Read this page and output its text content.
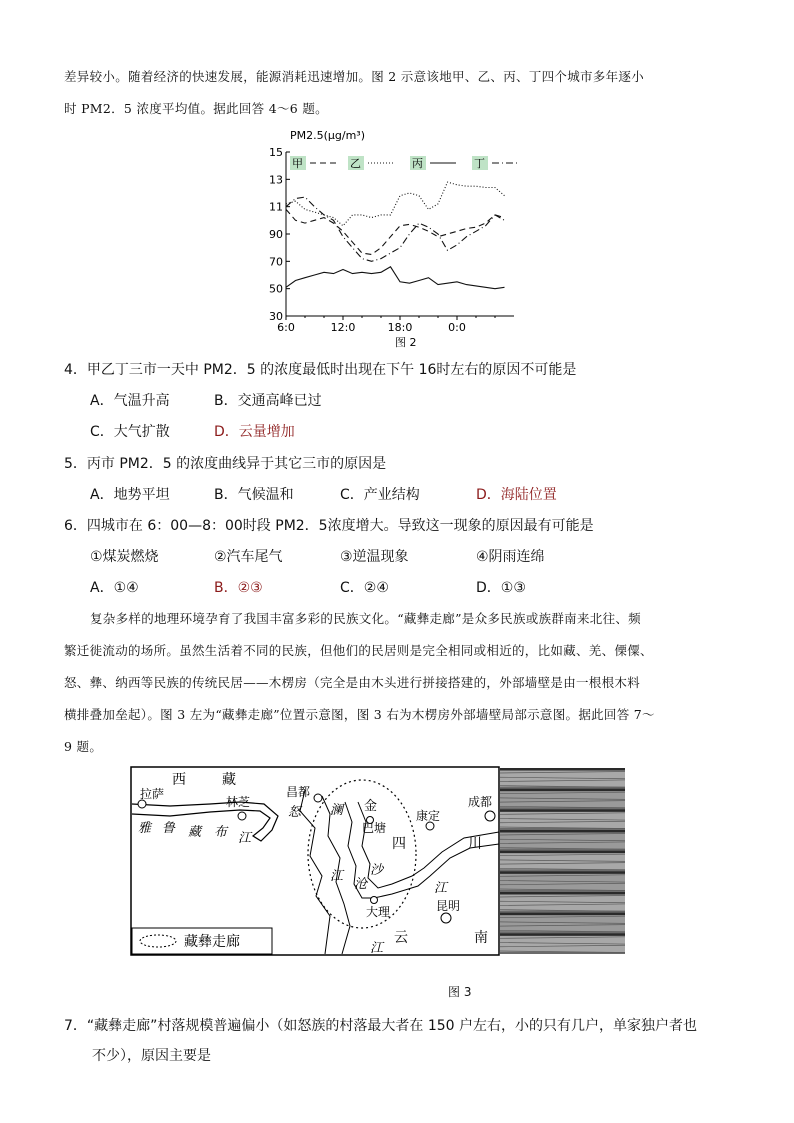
差异较小。随着经济的快速发展，能源消耗迅速增加。图 2 示意该地甲、乙、丙、丁四个城市多年逐小
时 PM2．5 浓度平均值。据此回答 4～6 题。
PM2.5(μg/m³)
15
13
11
90
70
50
30
6:0	12:0	18:0	0:0
甲	乙	丙	丁
图 2
4．甲乙丁三市一天中 PM2．5 的浓度最低时出现在下午 16时左右的原因不可能是
A．气温升高	B．交通高峰已过
C．大气扩散	D．云量增加
5．丙市 PM2．5 的浓度曲线异于其它三市的原因是
A．地势平坦	B．气候温和	C．产业结构	D．海陆位置
6．四城市在 6：00—8：00时段 PM2．5浓度增大。导致这一现象的原因最有可能是
①煤炭燃烧	②汽车尾气	③逆温现象	④阴雨连绵
A．①④	B．②③	C．②④	D．①③
复杂多样的地理环境孕育了我国丰富多彩的民族文化。“藏彝走廊”是众多民族或族群南来北往、频
繁迁徙流动的场所。虽然生活着不同的民族，但他们的民居则是完全相同或相近的，比如藏、羌、傈僳、
怒、彝、纳西等民族的传统民居——木楞房（完全是由木头进行拼接搭建的，外部墙壁是由一根根木料
横排叠加垒起）。图 3 左为“藏彝走廊”位置示意图，图 3 右为木楞房外部墙壁局部示意图。据此回答 7～
9 题。
西	藏
拉萨
林芝
昌都
怒 澜 金
巴塘
康定
成都
四	川
雅 鲁 藏 布 江
江
沧
沙
江
大理	昆明
云	南
江
藏彝走廊
图 3
7．“藏彝走廊”村落规模普遍偏小（如怒族的村落最大者在 150 户左右，小的只有几户，单家独户者也
不少），原因主要是
